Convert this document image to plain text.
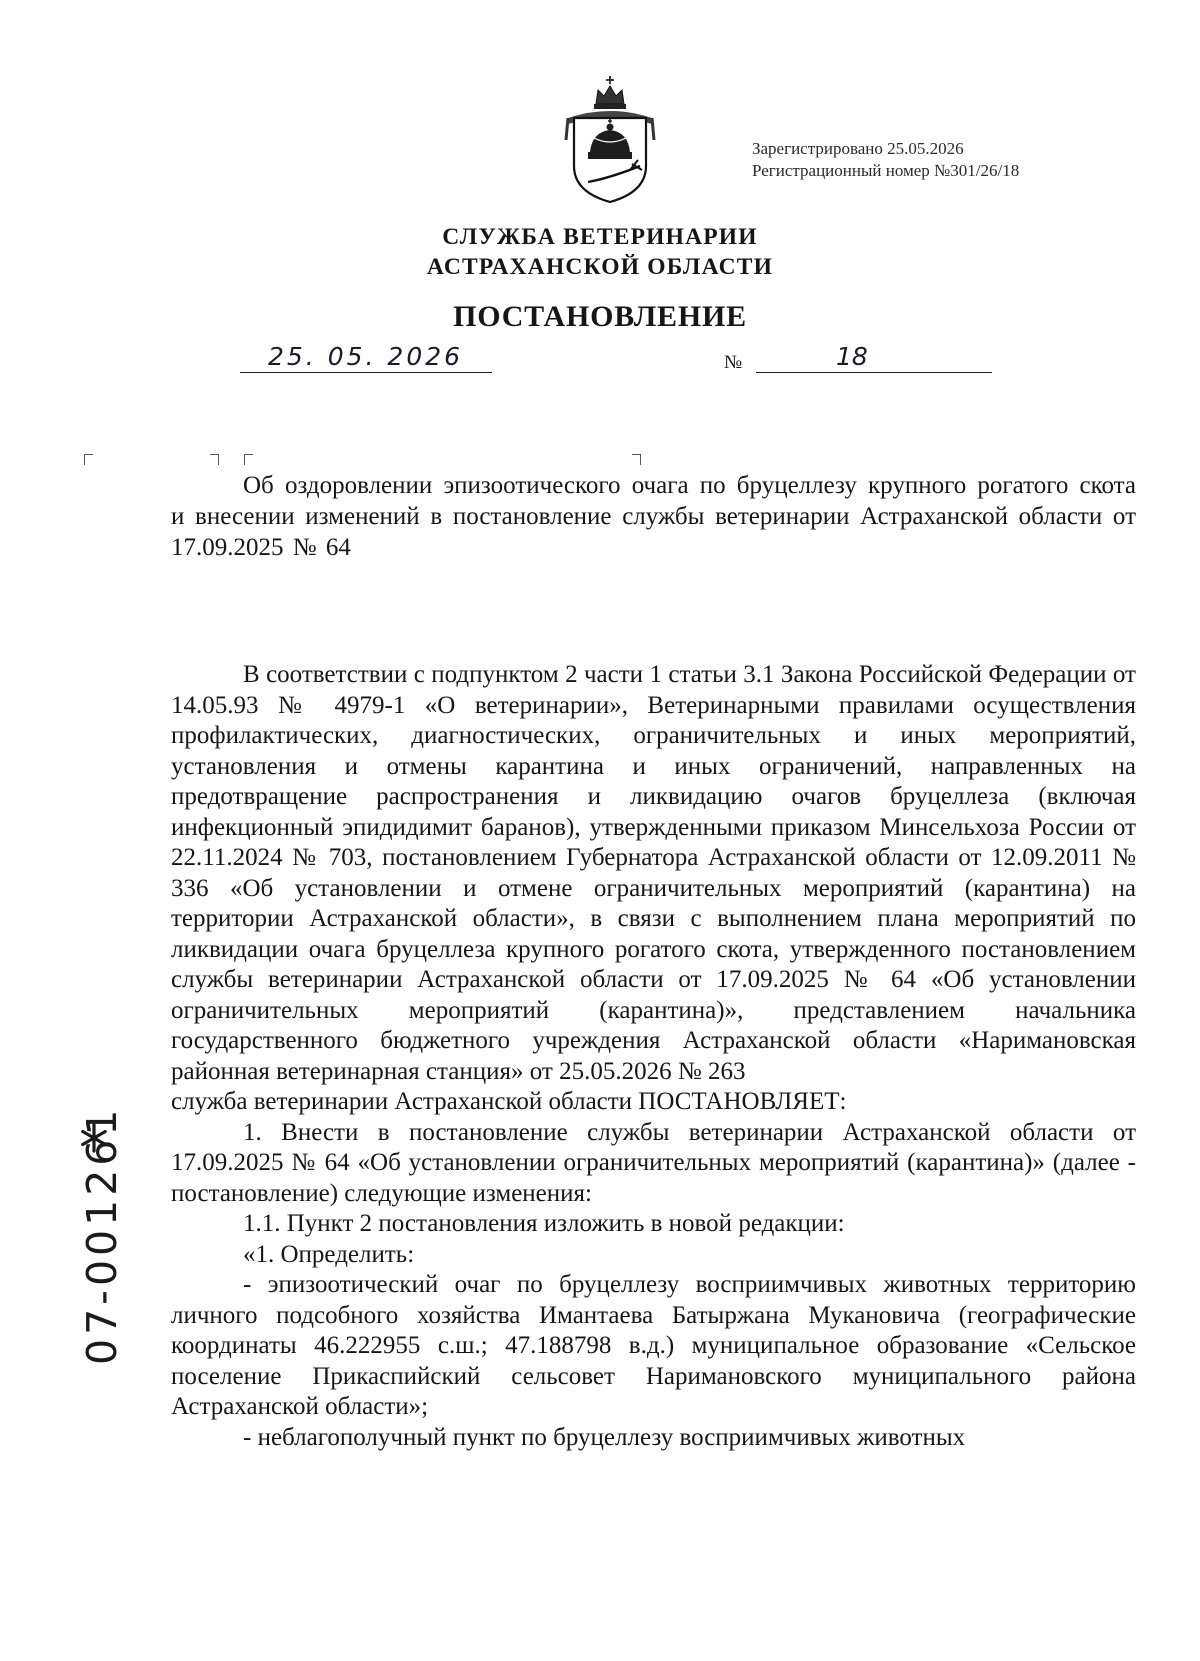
Зарегистрировано 25.05.2026
Регистрационный номер №301/26/18
СЛУЖБА ВЕТЕРИНАРИИ
АСТРАХАНСКОЙ ОБЛАСТИ
ПОСТАНОВЛЕНИЕ
25. 05. 2026	№	18
Об оздоровлении эпизоотического очага по бруцеллезу крупного рогатого скота и внесении изменений в постановление службы ветеринарии Астраханской области от 17.09.2025 № 64

В соответствии с подпунктом 2 части 1 статьи 3.1 Закона Российской Федерации от 14.05.93 № 4979-1 «О ветеринарии», Ветеринарными правилами осуществления профилактических, диагностических, ограничительных и иных мероприятий, установления и отмены карантина и иных ограничений, направленных на предотвращение распространения и ликвидацию очагов бруцеллеза (включая инфекционный эпидидимит баранов), утвержденными приказом Минсельхоза России от 22.11.2024 № 703, постановлением Губернатора Астраханской области от 12.09.2011 № 336 «Об установлении и отмене ограничительных мероприятий (карантина) на территории Астраханской области», в связи с выполнением плана мероприятий по ликвидации очага бруцеллеза крупного рогатого скота, утвержденного постановлением службы ветеринарии Астраханской области от 17.09.2025 № 64 «Об установлении ограничительных мероприятий (карантина)», представлением начальника государственного бюджетного учреждения Астраханской области «Наримановская районная ветеринарная станция» от 25.05.2026 № 263

служба ветеринарии Астраханской области ПОСТАНОВЛЯЕТ:

1. Внести в постановление службы ветеринарии Астраханской области от 17.09.2025 № 64 «Об установлении ограничительных мероприятий (карантина)» (далее - постановление) следующие изменения:

1.1. Пункт 2 постановления изложить в новой редакции:

«1. Определить:

- эпизоотический очаг по бруцеллезу восприимчивых животных территорию личного подсобного хозяйства Имантаева Батыржана Мукановича (географические координаты 46.222955 с.ш.; 47.188798 в.д.) муниципальное образование «Сельское поселение Прикаспийский сельсовет Наримановского муниципального района Астраханской области»;

- неблагополучный пункт по бруцеллезу восприимчивых животных

07-001261
